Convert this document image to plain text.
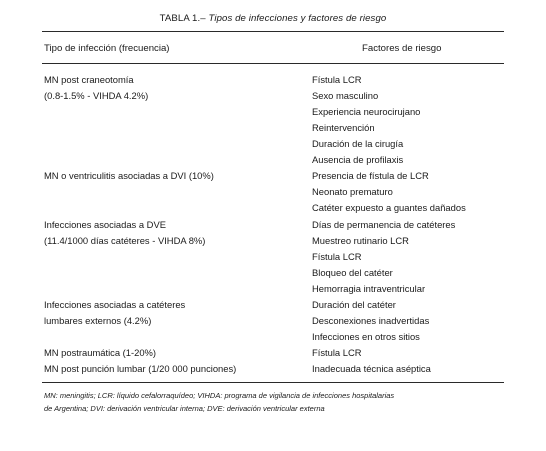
TABLA 1.– Tipos de infecciones y factores de riesgo
Tipo de infección (frecuencia)	Factores de riesgo
MN post craneotomía
(0.8-1.5% - VIHDA 4.2%)
MN o ventriculitis asociadas a DVI (10%)
Infecciones asociadas a DVE
(11.4/1000 días catéteres - VIHDA 8%)
Infecciones asociadas a catéteres
lumbares externos (4.2%)
MN postraumática (1-20%)
MN post punción lumbar (1/20 000 punciones)
Fístula LCR
Sexo masculino
Experiencia neurocirujano
Reintervención
Duración de la cirugía
Ausencia de profilaxis
Presencia de fístula de LCR
Neonato prematuro
Catéter expuesto a guantes dañados
Días de permanencia de catéteres
Muestreo rutinario LCR
Fístula LCR
Bloqueo del catéter
Hemorragia intraventricular
Duración del catéter
Desconexiones inadvertidas
Infecciones en otros sitios
Fístula LCR
Inadecuada técnica aséptica
MN: meningitis; LCR: líquido cefalorraquídeo; VIHDA: programa de vigilancia de infecciones hospitalarias
de Argentina; DVI: derivación ventricular interna; DVE: derivación ventricular externa
